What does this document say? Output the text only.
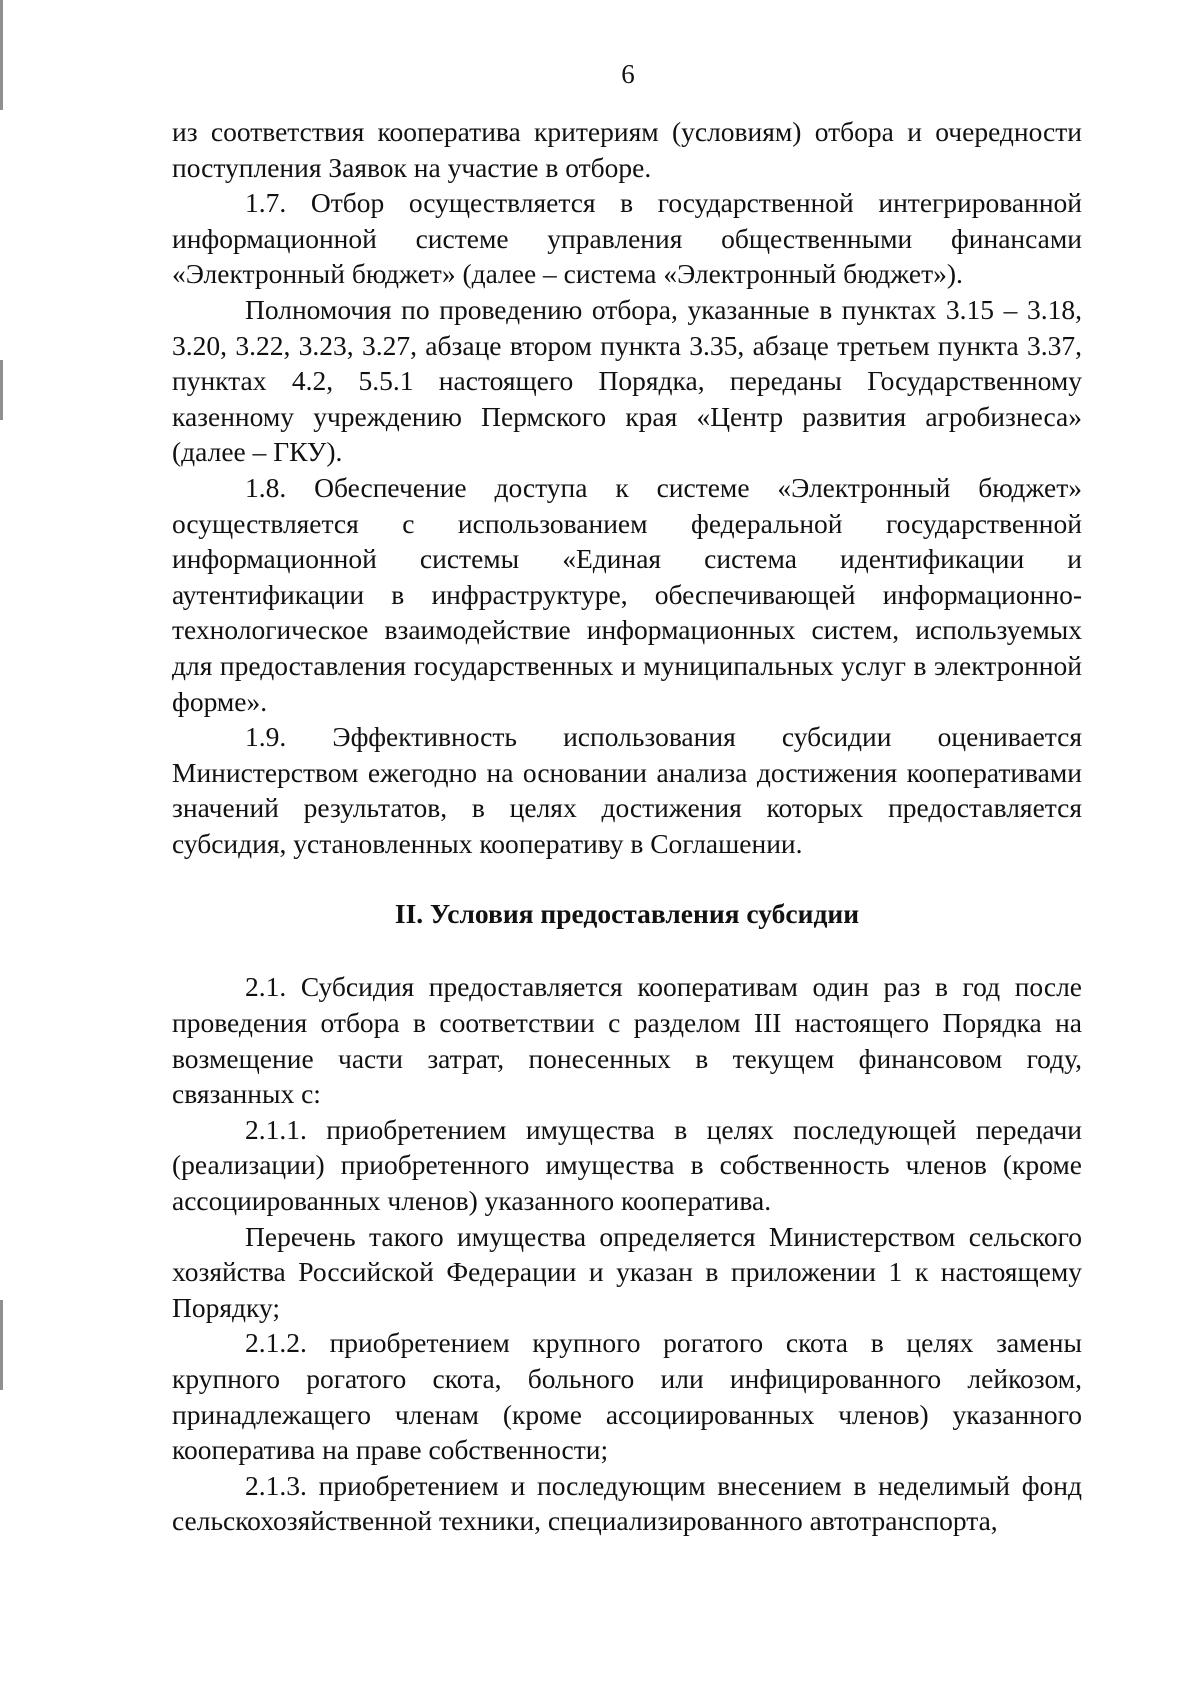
6

из соответствия кооператива критериям (условиям) отбора и очередности поступления Заявок на участие в отборе.

1.7. Отбор осуществляется в государственной интегрированной информационной системе управления общественными финансами «Электронный бюджет» (далее – система «Электронный бюджет»).

Полномочия по проведению отбора, указанные в пунктах 3.15 – 3.18, 3.20, 3.22, 3.23, 3.27, абзаце втором пункта 3.35, абзаце третьем пункта 3.37, пунктах 4.2, 5.5.1 настоящего Порядка, переданы Государственному казенному учреждению Пермского края «Центр развития агробизнеса» (далее – ГКУ).

1.8. Обеспечение доступа к системе «Электронный бюджет» осуществляется с использованием федеральной государственной информационной системы «Единая система идентификации и аутентификации в инфраструктуре, обеспечивающей информационно-технологическое взаимодействие информационных систем, используемых для предоставления государственных и муниципальных услуг в электронной форме».

1.9. Эффективность использования субсидии оценивается Министерством ежегодно на основании анализа достижения кооперативами значений результатов, в целях достижения которых предоставляется субсидия, установленных кооперативу в Соглашении.

II. Условия предоставления субсидии

2.1. Субсидия предоставляется кооперативам один раз в год после проведения отбора в соответствии с разделом III настоящего Порядка на возмещение части затрат, понесенных в текущем финансовом году, связанных с:

2.1.1. приобретением имущества в целях последующей передачи (реализации) приобретенного имущества в собственность членов (кроме ассоциированных членов) указанного кооператива.

Перечень такого имущества определяется Министерством сельского хозяйства Российской Федерации и указан в приложении 1 к настоящему Порядку;

2.1.2. приобретением крупного рогатого скота в целях замены крупного рогатого скота, больного или инфицированного лейкозом, принадлежащего членам (кроме ассоциированных членов) указанного кооператива на праве собственности;

2.1.3. приобретением и последующим внесением в неделимый фонд сельскохозяйственной техники, специализированного автотранспорта,
